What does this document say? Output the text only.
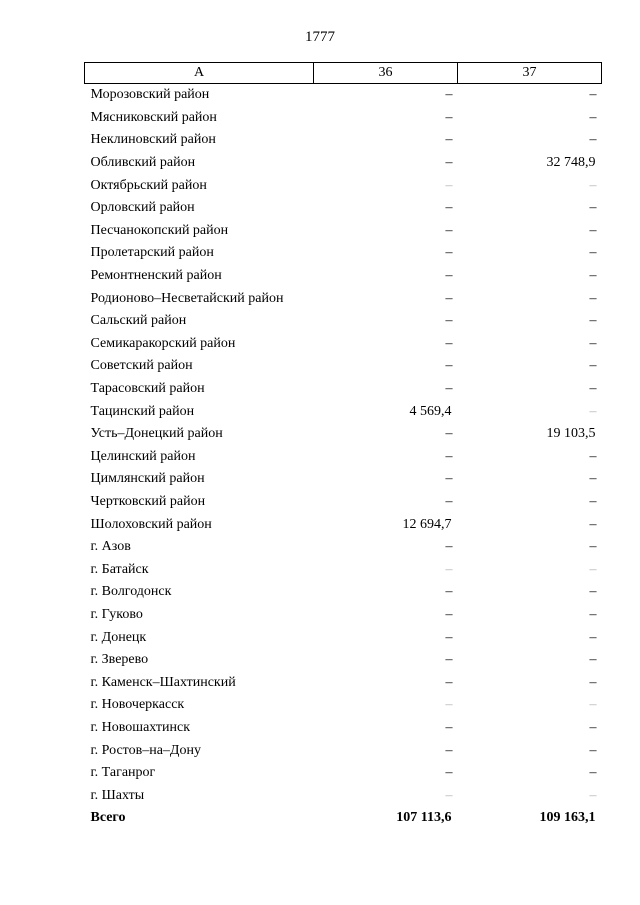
1777
А	36	37
Морозовский район	–	–
Мясниковский район	–	–
Неклиновский район	–	–
Обливский район	–	32 748,9
Октябрьский район	–	–
Орловский район	–	–
Песчанокопский район	–	–
Пролетарский район	–	–
Ремонтненский район	–	–
Родионово–Несветайский район	–	–
Сальский район	–	–
Семикаракорский район	–	–
Советский район	–	–
Тарасовский район	–	–
Тацинский район	4 569,4	–
Усть–Донецкий район	–	19 103,5
Целинский район	–	–
Цимлянский район	–	–
Чертковский район	–	–
Шолоховский район	12 694,7	–
г. Азов	–	–
г. Батайск	–	–
г. Волгодонск	–	–
г. Гуково	–	–
г. Донецк	–	–
г. Зверево	–	–
г. Каменск–Шахтинский	–	–
г. Новочеркасск	–	–
г. Новошахтинск	–	–
г. Ростов–на–Дону	–	–
г. Таганрог	–	–
г. Шахты	–	–
Всего	107 113,6	109 163,1
